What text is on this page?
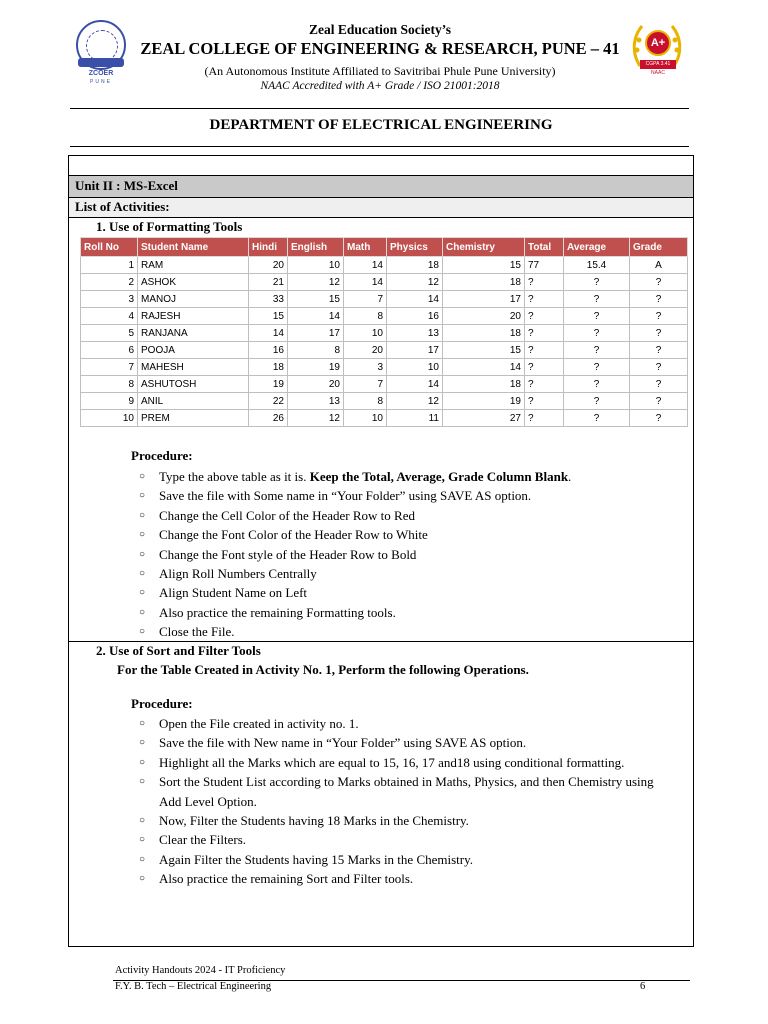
ZCOER
PUNE
A+
CGPA 3.41
NAAC
Zeal Education Society’s
ZEAL COLLEGE OF ENGINEERING & RESEARCH, PUNE – 41
(An Autonomous Institute Affiliated to Savitribai Phule Pune University)
NAAC Accredited with A+ Grade / ISO 21001:2018
DEPARTMENT OF ELECTRICAL ENGINEERING
Unit II : MS-Excel
List of Activities:
1. Use of Formatting Tools
Roll No	Student Name	Hindi	English	Math	Physics	Chemistry	Total	Average	Grade
1	RAM	20	10	14	18	15	77	15.4	A
2	ASHOK	21	12	14	12	18	?	?	?
3	MANOJ	33	15	7	14	17	?	?	?
4	RAJESH	15	14	8	16	20	?	?	?
5	RANJANA	14	17	10	13	18	?	?	?
6	POOJA	16	8	20	17	15	?	?	?
7	MAHESH	18	19	3	10	14	?	?	?
8	ASHUTOSH	19	20	7	14	18	?	?	?
9	ANIL	22	13	8	12	19	?	?	?
10	PREM	26	12	10	11	27	?	?	?
Procedure:
○ Type the above table as it is. Keep the Total, Average, Grade Column Blank.
○ Save the file with Some name in “Your Folder” using SAVE AS option.
○ Change the Cell Color of the Header Row to Red
○ Change the Font Color of the Header Row to White
○ Change the Font style of the Header Row to Bold
○ Align Roll Numbers Centrally
○ Align Student Name on Left
○ Also practice the remaining Formatting tools.
○ Close the File.
2. Use of Sort and Filter Tools
For the Table Created in Activity No. 1, Perform the following Operations.
Procedure:
○ Open the File created in activity no. 1.
○ Save the file with New name in “Your Folder” using SAVE AS option.
○ Highlight all the Marks which are equal to 15, 16, 17 and18 using conditional formatting.
○ Sort the Student List according to Marks obtained in Maths, Physics, and then Chemistry using
Add Level Option.
○ Now, Filter the Students having 18 Marks in the Chemistry.
○ Clear the Filters.
○ Again Filter the Students having 15 Marks in the Chemistry.
○ Also practice the remaining Sort and Filter tools.
Activity Handouts 2024 - IT Proficiency
F.Y. B. Tech – Electrical Engineering	6
